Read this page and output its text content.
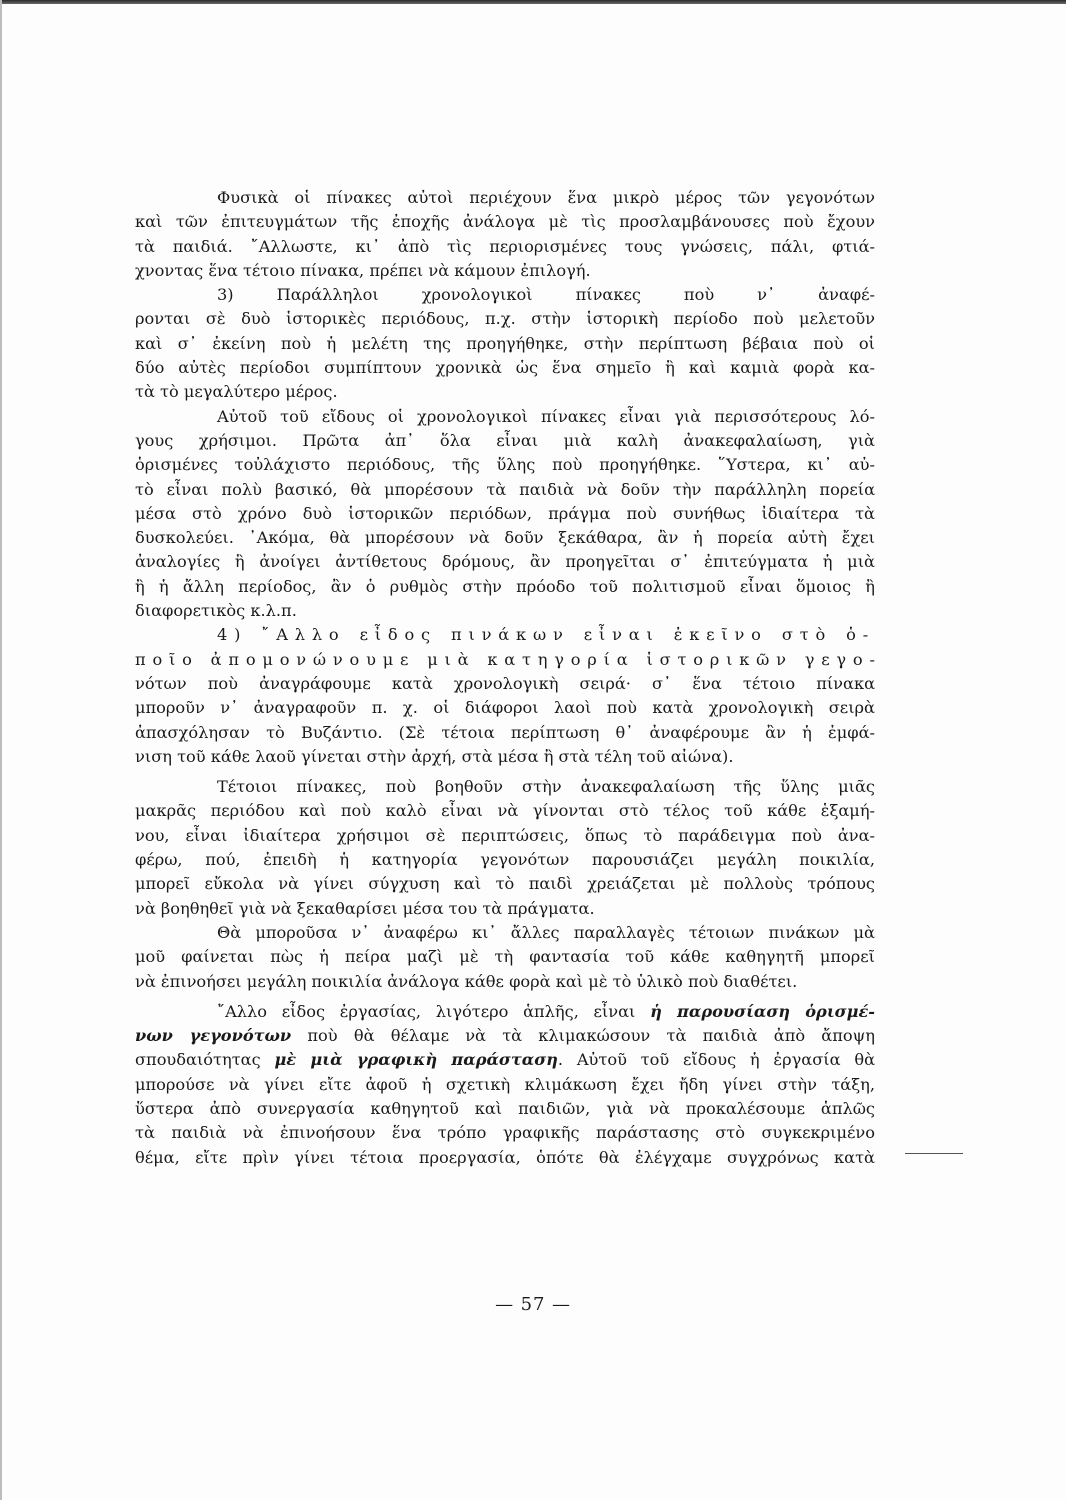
Φυσικὰ οἱ πίνακες αὐτοὶ περιέχουν ἕνα μικρὸ μέρος τῶν γεγονότων
καὶ τῶν ἐπιτευγμάτων τῆς ἐποχῆς ἀνάλογα μὲ τὶς προσλαμβάνουσες ποὺ ἔχουν
τὰ παιδιά. ῎Αλλωστε, κι᾽ ἀπὸ τὶς περιορισμένες τους γνώσεις, πάλι, φτιά-
χνοντας ἕνα τέτοιο πίνακα, πρέπει νὰ κάμουν ἐπιλογή.
3) Παράλληλοι χρονολογικοὶ πίνακες ποὺ ν᾽ ἀναφέ-
ρονται σὲ δυὸ ἱστορικὲς περιόδους, π.χ. στὴν ἱστορικὴ περίοδο ποὺ μελετοῦν
καὶ σ᾽ ἐκείνη ποὺ ἡ μελέτη της προηγήθηκε, στὴν περίπτωση βέβαια ποὺ οἱ
δύο αὐτὲς περίοδοι συμπίπτουν χρονικὰ ὡς ἕνα σημεῖο ἢ καὶ καμιὰ φορὰ κα-
τὰ τὸ μεγαλύτερο μέρος.
Αὐτοῦ τοῦ εἴδους οἱ χρονολογικοὶ πίνακες εἶναι γιὰ περισσότερους λό-
γους χρήσιμοι. Πρῶτα ἀπ᾽ ὅλα εἶναι μιὰ καλὴ ἀνακεφαλαίωση, γιὰ
ὁρισμένες τοὐλάχιστο περιόδους, τῆς ὕλης ποὺ προηγήθηκε. ῞Υστερα, κι᾽ αὐ-
τὸ εἶναι πολὺ βασικό, θὰ μπορέσουν τὰ παιδιὰ νὰ δοῦν τὴν παράλληλη πορεία
μέσα στὸ χρόνο δυὸ ἱστορικῶν περιόδων, πράγμα ποὺ συνήθως ἰδιαίτερα τὰ
δυσκολεύει. ᾽Ακόμα, θὰ μπορέσουν νὰ δοῦν ξεκάθαρα, ἂν ἡ πορεία αὐτὴ ἔχει
ἀναλογίες ἢ ἀνοίγει ἀντίθετους δρόμους, ἂν προηγεῖται σ᾽ ἐπιτεύγματα ἡ μιὰ
ἢ ἡ ἄλλη περίοδος, ἂν ὁ ρυθμὸς στὴν πρόοδο τοῦ πολιτισμοῦ εἶναι ὅμοιος ἢ
διαφορετικὸς κ.λ.π.
4) ῎Αλλο εἶδος πινάκων εἶναι ἐκεῖνο στὸ ὁ-
ποῖο ἀπομονώνουμε μιὰ κατηγορία ἱστορικῶν γεγο-
νότων ποὺ ἀναγράφουμε κατὰ χρονολογικὴ σειρά· σ᾽ ἕνα τέτοιο πίνακα
μποροῦν ν᾽ ἀναγραφοῦν π. χ. οἱ διάφοροι λαοὶ ποὺ κατὰ χρονολογικὴ σειρὰ
ἀπασχόλησαν τὸ Βυζάντιο. (Σὲ τέτοια περίπτωση θ᾽ ἀναφέρουμε ἂν ἡ ἐμφά-
νιση τοῦ κάθε λαοῦ γίνεται στὴν ἀρχή, στὰ μέσα ἢ στὰ τέλη τοῦ αἰώνα).
Τέτοιοι πίνακες, ποὺ βοηθοῦν στὴν ἀνακεφαλαίωση τῆς ὕλης μιᾶς
μακρᾶς περιόδου καὶ ποὺ καλὸ εἶναι νὰ γίνονται στὸ τέλος τοῦ κάθε ἑξαμή-
νου, εἶναι ἰδιαίτερα χρήσιμοι σὲ περιπτώσεις, ὅπως τὸ παράδειγμα ποὺ ἀνα-
φέρω, πού, ἐπειδὴ ἡ κατηγορία γεγονότων παρουσιάζει μεγάλη ποικιλία,
μπορεῖ εὔκολα νὰ γίνει σύγχυση καὶ τὸ παιδὶ χρειάζεται μὲ πολλοὺς τρόπους
νὰ βοηθηθεῖ γιὰ νὰ ξεκαθαρίσει μέσα του τὰ πράγματα.
Θὰ μποροῦσα ν᾽ ἀναφέρω κι᾽ ἄλλες παραλλαγὲς τέτοιων πινάκων μὰ
μοῦ φαίνεται πὼς ἡ πείρα μαζὶ μὲ τὴ φαντασία τοῦ κάθε καθηγητῆ μπορεῖ
νὰ ἐπινοήσει μεγάλη ποικιλία ἀνάλογα κάθε φορὰ καὶ μὲ τὸ ὑλικὸ ποὺ διαθέτει.
῎Αλλο εἶδος ἐργασίας, λιγότερο ἁπλῆς, εἶναι ἡ παρουσίαση ὁρισμέ-
νων γεγονότων ποὺ θὰ θέλαμε νὰ τὰ κλιμακώσουν τὰ παιδιὰ ἀπὸ ἄποψη
σπουδαιότητας μὲ μιὰ γραφικὴ παράσταση. Αὐτοῦ τοῦ εἴδους ἡ ἐργασία θὰ
μπορούσε νὰ γίνει εἴτε ἀφοῦ ἡ σχετικὴ κλιμάκωση ἔχει ἤδη γίνει στὴν τάξη,
ὕστερα ἀπὸ συνεργασία καθηγητοῦ καὶ παιδιῶν, γιὰ νὰ προκαλέσουμε ἁπλῶς
τὰ παιδιὰ νὰ ἐπινοήσουν ἕνα τρόπο γραφικῆς παράστασης στὸ συγκεκριμένο
θέμα, εἴτε πρὶν γίνει τέτοια προεργασία, ὁπότε θὰ ἐλέγχαμε συγχρόνως κατὰ
— 57 —
